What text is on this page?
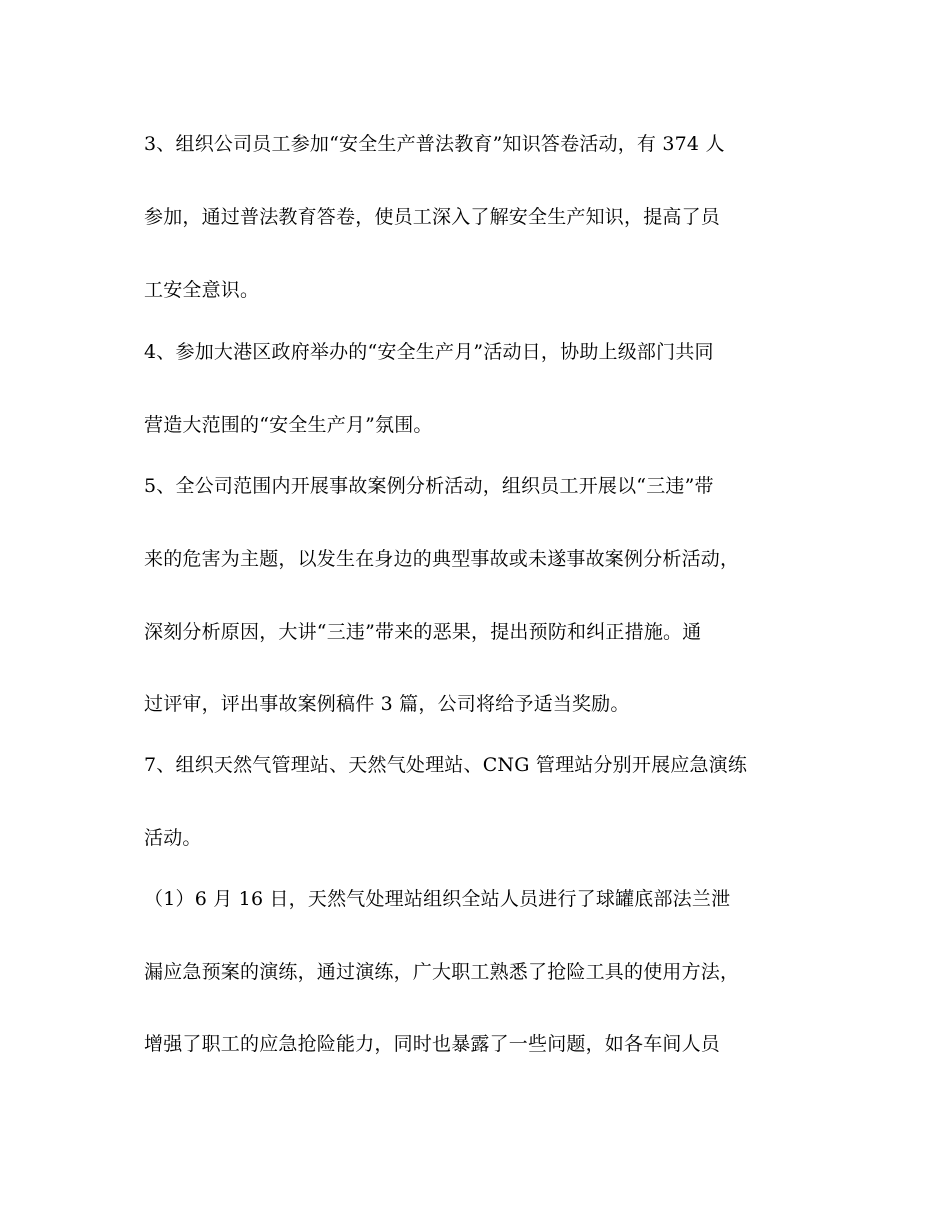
3、组织公司员工参加“安全生产普法教育”知识答卷活动，有 374 人
参加，通过普法教育答卷，使员工深入了解安全生产知识，提高了员
工安全意识。
4、参加大港区政府举办的“安全生产月”活动日，协助上级部门共同
营造大范围的“安全生产月”氛围。
5、全公司范围内开展事故案例分析活动，组织员工开展以“三违”带
来的危害为主题，以发生在身边的典型事故或未遂事故案例分析活动，
深刻分析原因，大讲“三违”带来的恶果，提出预防和纠正措施。通
过评审，评出事故案例稿件 3 篇，公司将给予适当奖励。
7、组织天然气管理站、天然气处理站、CNG 管理站分别开展应急演练
活动。
（1）6 月 16 日，天然气处理站组织全站人员进行了球罐底部法兰泄
漏应急预案的演练，通过演练，广大职工熟悉了抢险工具的使用方法，
增强了职工的应急抢险能力，同时也暴露了一些问题，如各车间人员
